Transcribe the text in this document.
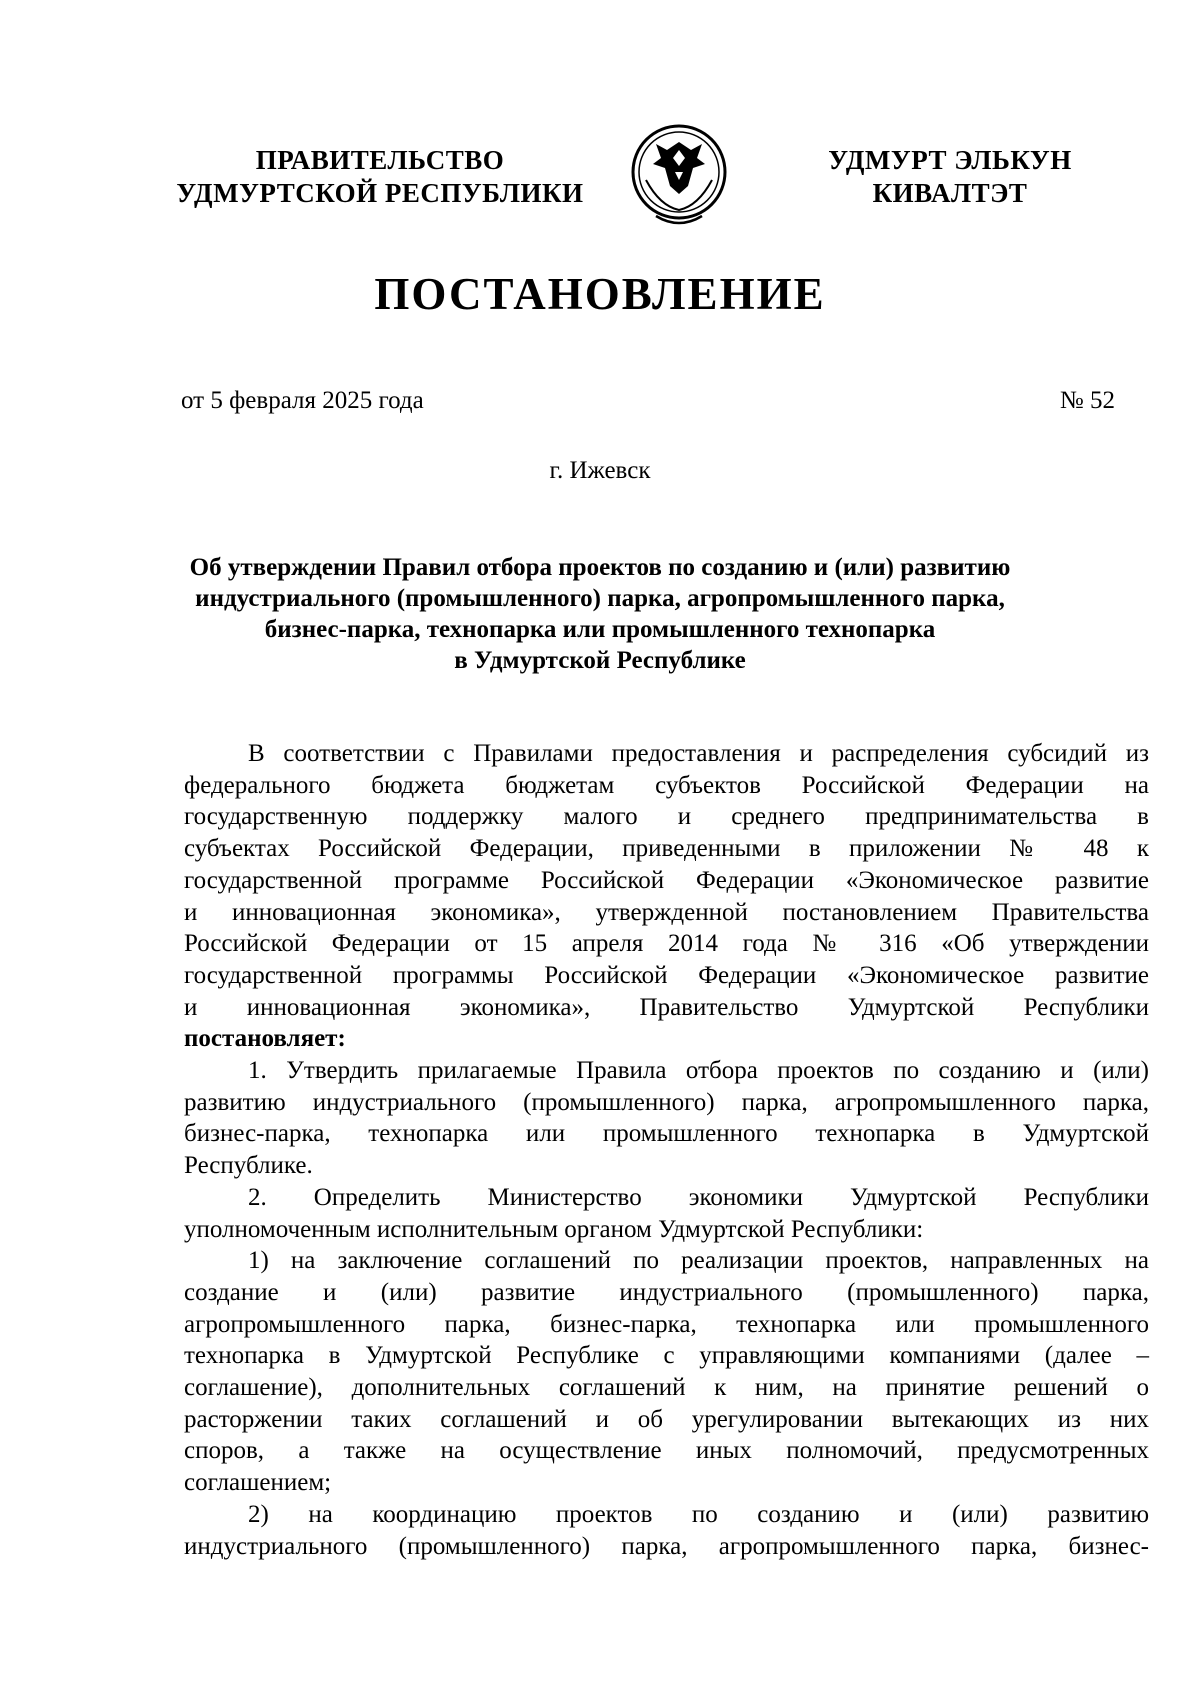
ПРАВИТЕЛЬСТВО
УДМУРТСКОЙ РЕСПУБЛИКИ
УДМУРТ ЭЛЬКУН
КИВАЛТЭТ
ПОСТАНОВЛЕНИЕ
от 5 февраля 2025 года	№ 52
г. Ижевск
Об утверждении Правил отбора проектов по созданию и (или) развитию
индустриального (промышленного) парка, агропромышленного парка,
бизнес-парка, технопарка или промышленного технопарка
в Удмуртской Республике
В соответствии с Правилами предоставления и распределения субсидий из
федерального бюджета бюджетам субъектов Российской Федерации на
государственную поддержку малого и среднего предпринимательства в
субъектах Российской Федерации, приведенными в приложении № 48 к
государственной программе Российской Федерации «Экономическое развитие
и инновационная экономика», утвержденной постановлением Правительства
Российской Федерации от 15 апреля 2014 года № 316 «Об утверждении
государственной программы Российской Федерации «Экономическое развитие
и инновационная экономика», Правительство Удмуртской Республики
постановляет:
1. Утвердить прилагаемые Правила отбора проектов по созданию и (или)
развитию индустриального (промышленного) парка, агропромышленного парка,
бизнес-парка, технопарка или промышленного технопарка в Удмуртской
Республике.
2. Определить Министерство экономики Удмуртской Республики
уполномоченным исполнительным органом Удмуртской Республики:
1) на заключение соглашений по реализации проектов, направленных на
создание и (или) развитие индустриального (промышленного) парка,
агропромышленного парка, бизнес-парка, технопарка или промышленного
технопарка в Удмуртской Республике с управляющими компаниями (далее –
соглашение), дополнительных соглашений к ним, на принятие решений о
расторжении таких соглашений и об урегулировании вытекающих из них
споров, а также на осуществление иных полномочий, предусмотренных
соглашением;
2) на координацию проектов по созданию и (или) развитию
индустриального (промышленного) парка, агропромышленного парка, бизнес-
